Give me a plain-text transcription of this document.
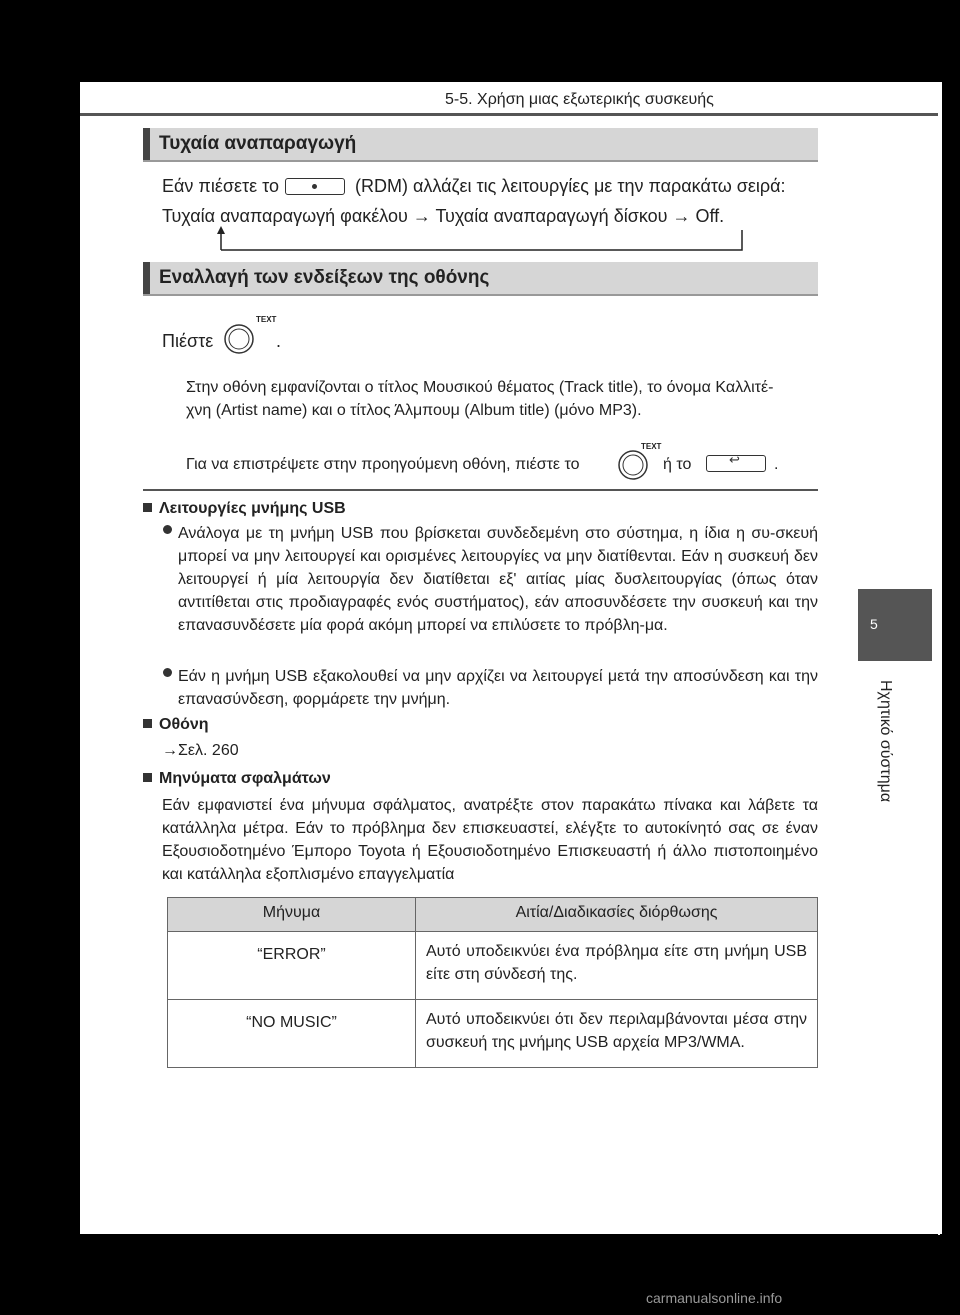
5-5. Χρήση μιας εξωτερικής συσκευής
Τυχαία αναπαραγωγή
Εάν πιέσετε το	(RDM) αλλάζει τις λειτουργίες με την παρακάτω σειρά:
Τυχαία αναπαραγωγή φακέλου → Τυχαία αναπαραγωγή δίσκου → Off.
Εναλλαγή των ενδείξεων της οθόνης
Πιέστε
TEXT
.
Στην οθόνη εμφανίζονται ο τίτλος Μουσικού θέματος (Track title), το όνομα Καλλιτέ-
χνη (Artist name) και ο τίτλος Άλμπουμ (Album title) (μόνο MP3).
Για να επιστρέψετε στην προηγούμενη οθόνη, πιέστε το
TEXT
ή το	↩ .
Λειτουργίες μνήμης USB
Ανάλογα με τη μνήμη USB που βρίσκεται συνδεδεμένη στο σύστημα, η ίδια η συ-σκευή μπορεί να μην λειτουργεί και ορισμένες λειτουργίες να μην διατίθενται. Εάν η συσκευή δεν λειτουργεί ή μία λειτουργία δεν διατίθεται εξ' αιτίας μίας δυσλειτουργίας (όπως όταν αντιτίθεται στις προδιαγραφές ενός συστήματος), εάν αποσυνδέσετε την συσκευή και την επανασυνδέσετε μία φορά ακόμη μπορεί να επιλύσετε το πρόβλη-μα.
Εάν η μνήμη USB εξακολουθεί να μην αρχίζει να λειτουργεί μετά την αποσύνδεση και την επανασύνδεση, φορμάρετε την μνήμη.
Οθόνη
→Σελ. 260
Μηνύματα σφαλμάτων
Εάν εμφανιστεί ένα μήνυμα σφάλματος, ανατρέξτε στον παρακάτω πίνακα και λάβετε τα κατάλληλα μέτρα. Εάν το πρόβλημα δεν επισκευαστεί, ελέγξτε το αυτοκίνητό σας σε έναν Εξουσιοδοτημένο Έμπορο Toyota ή Εξουσιοδοτημένο Επισκευαστή ή άλλο πιστοποιημένο και κατάλληλα εξοπλισμένο επαγγελματία
Μήνυμα	Αιτία/Διαδικασίες διόρθωσης
“ERROR”	Αυτό υποδεικνύει ένα πρόβλημα είτε στη μνήμη USB είτε στη σύνδεσή της.
“NO MUSIC”	Αυτό υποδεικνύει ότι δεν περιλαμβάνονται μέσα στην συσκευή της μνήμης USB αρχεία MP3/WMA.
5
Ηχητικό σύστημα
carmanualsonline.info
